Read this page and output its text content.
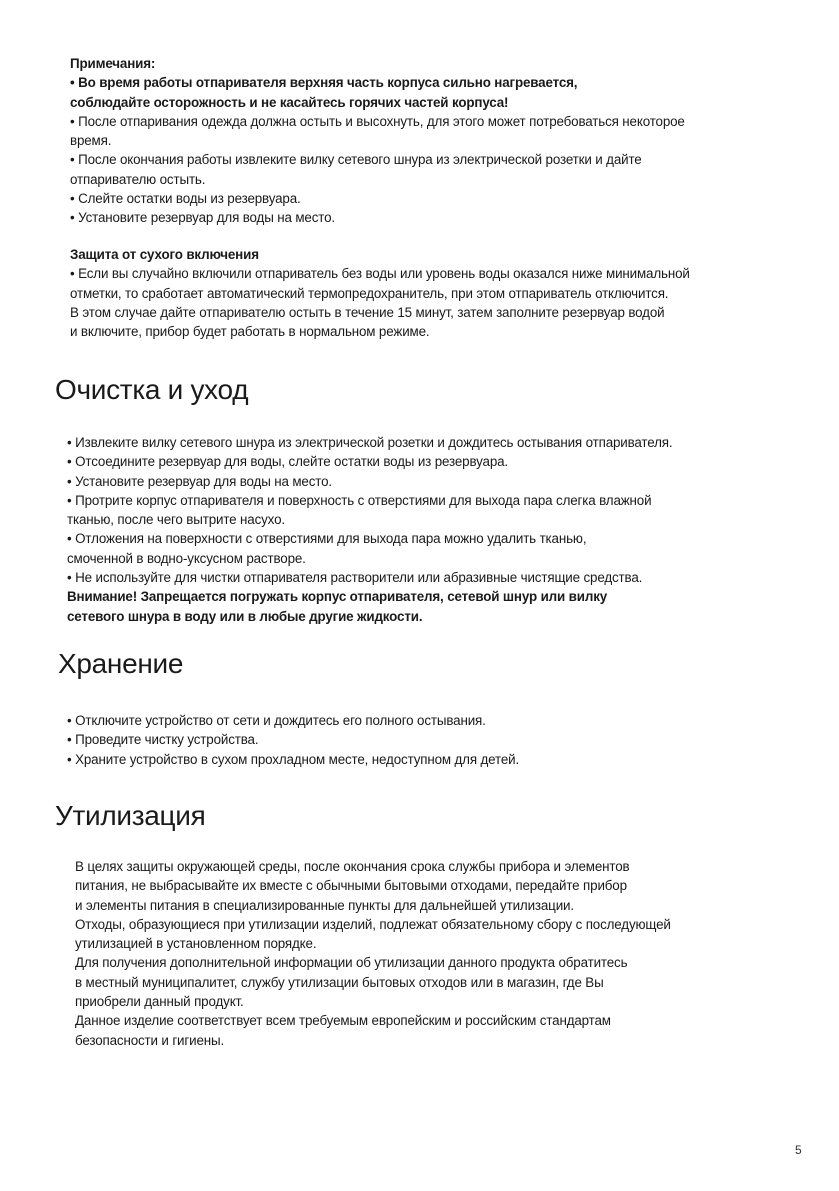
Примечания:
• Во время работы отпаривателя верхняя часть корпуса сильно нагревается,
соблюдайте осторожность и не касайтесь горячих частей корпуса!
• После отпаривания одежда должна остыть и высохнуть, для этого может потребоваться некоторое
время.
• После окончания работы извлеките вилку сетевого шнура из электрической розетки и дайте
отпаривателю остыть.
• Слейте остатки воды из резервуара.
• Установите резервуар для воды на место.
Защита от сухого включения
• Если вы случайно включили отпариватель без воды или уровень воды оказался ниже минимальной
отметки, то сработает автоматический термопредохранитель, при этом отпариватель отключится.
В этом случае дайте отпаривателю остыть в течение 15 минут, затем заполните резервуар водой
и включите, прибор будет работать в нормальном режиме.
Очистка и уход
• Извлеките вилку сетевого шнура из электрической розетки и дождитесь остывания отпаривателя.
• Отсоедините резервуар для воды, слейте остатки воды из резервуара.
• Установите резервуар для воды на место.
• Протрите корпус отпаривателя и поверхность с отверстиями для выхода пара слегка влажной
тканью, после чего вытрите насухо.
• Отложения на поверхности с отверстиями для выхода пара можно удалить тканью,
смоченной в водно-уксусном растворе.
• Не используйте для чистки отпаривателя растворители или абразивные чистящие средства.
Внимание! Запрещается погружать корпус отпаривателя, сетевой шнур или вилку
сетевого шнура в воду или в любые другие жидкости.
Хранение
• Отключите устройство от сети и дождитесь его полного остывания.
• Проведите чистку устройства.
• Храните устройство в сухом прохладном месте, недоступном для детей.
Утилизация
В целях защиты окружающей среды, после окончания срока службы прибора и элементов
питания, не выбрасывайте их вместе с обычными бытовыми отходами, передайте прибор
и элементы питания в специализированные пункты для дальнейшей утилизации.
Отходы, образующиеся при утилизации изделий, подлежат обязательному сбору с последующей
утилизацией в установленном порядке.
Для получения дополнительной информации об утилизации данного продукта обратитесь
в местный муниципалитет, службу утилизации бытовых отходов или в магазин, где Вы
приобрели данный продукт.
Данное изделие соответствует всем требуемым европейским и российским стандартам
безопасности и гигиены.
5
